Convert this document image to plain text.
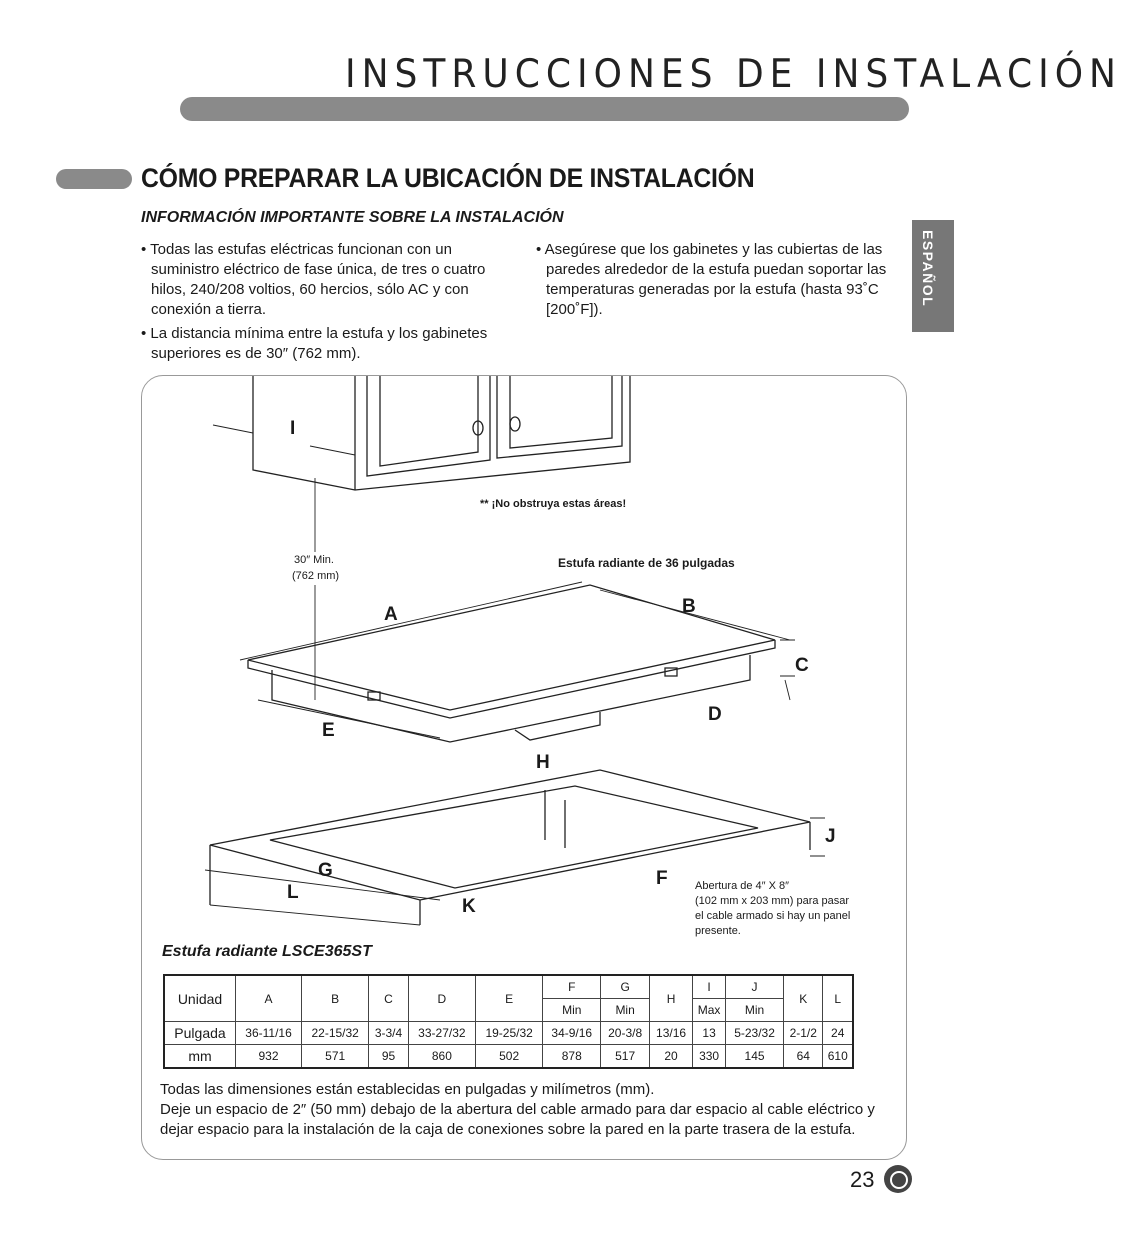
INSTRUCCIONES DE INSTALACIÓN
CÓMO PREPARAR LA UBICACIÓN DE INSTALACIÓN
INFORMACIÓN IMPORTANTE SOBRE LA INSTALACIÓN
ESPAÑOL

• Todas las estufas eléctricas funcionan con un suministro eléctrico de fase única, de tres o cuatro hilos, 240/208 voltios, 60 hercios, sólo AC y con conexión a tierra.

• La distancia mínima entre la estufa y los gabinetes superiores es de 30″ (762 mm).

• Asegúrese que los gabinetes y las cubiertas de las paredes alrededor de la estufa puedan soportar las temperaturas generadas por la estufa (hasta 93˚C [200˚F]).

I
** ¡No obstruya estas áreas!
30″ Min.
(762 mm)
Estufa radiante de 36 pulgadas
A	B
C
D
E
H
J
G	F
L
K
Abertura de 4″ X 8″
(102 mm x 203 mm) para pasar
el cable armado si hay un panel
presente.
Estufa radiante LSCE365ST
Unidad	A	B	C	D	E	F	G	H	I	J	K	L
						Min	Min		Max	Min		
Pulgada	36-11/16	22-15/32	3-3/4	33-27/32	19-25/32	34-9/16	20-3/8	13/16	13	5-23/32	2-1/2	24
mm	932	571	95	860	502	878	517	20	330	145	64	610

Todas las dimensiones están establecidas en pulgadas y milímetros (mm).

Deje un espacio de 2″ (50 mm) debajo de la abertura del cable armado para dar espacio al cable eléctrico y dejar espacio para la instalación de la caja de conexiones sobre la pared en la parte trasera de la estufa.

23
